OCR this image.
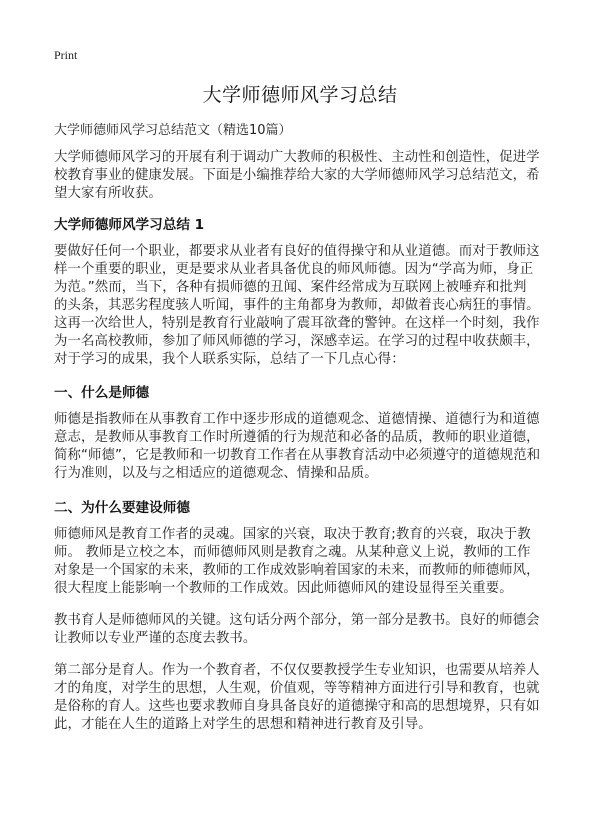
Print
大学师德师风学习总结
大学师德师风学习总结范文（精选10篇）

大学师德师风学习的开展有利于调动广大教师的积极性、主动性和创造性，促进学
校教育事业的健康发展。下面是小编推荐给大家的大学师德师风学习总结范文，希
望大家有所收获。

大学师德师风学习总结 1

要做好任何一个职业，都要求从业者有良好的值得操守和从业道德。而对于教师这
样一个重要的职业，更是要求从业者具备优良的师风师德。因为“学高为师，身正
为范。”然而，当下，各种有损师德的丑闻、案件经常成为互联网上被唾弃和批判
的头条，其恶劣程度骇人听闻，事件的主角都身为教师，却做着丧心病狂的事情。
这再一次给世人，特别是教育行业敲响了震耳欲聋的警钟。在这样一个时刻，我作
为一名高校教师，参加了师风师德的学习，深感幸运。在学习的过程中收获颇丰，
对于学习的成果，我个人联系实际，总结了一下几点心得：

一、什么是师德

师德是指教师在从事教育工作中逐步形成的道德观念、道德情操、道德行为和道德
意志，是教师从事教育工作时所遵循的行为规范和必备的品质，教师的职业道德，
简称“师德”，它是教师和一切教育工作者在从事教育活动中必须遵守的道德规范和
行为准则，以及与之相适应的道德观念、情操和品质。

二、为什么要建设师德

师德师风是教育工作者的灵魂。国家的兴衰，取决于教育;教育的兴衰，取决于教
师。 教师是立校之本，而师德师风则是教育之魂。从某种意义上说，教师的工作
对象是一个国家的未来，教师的工作成效影响着国家的未来，而教师的师德师风，
很大程度上能影响一个教师的工作成效。因此师德师风的建设显得至关重要。

教书育人是师德师风的关键。这句话分两个部分，第一部分是教书。良好的师德会
让教师以专业严谨的态度去教书。

第二部分是育人。作为一个教育者，不仅仅要教授学生专业知识，也需要从培养人
才的角度，对学生的思想，人生观，价值观，等等精神方面进行引导和教育，也就
是俗称的育人。这些也要求教师自身具备良好的道德操守和高的思想境界，只有如
此，才能在人生的道路上对学生的思想和精神进行教育及引导。
